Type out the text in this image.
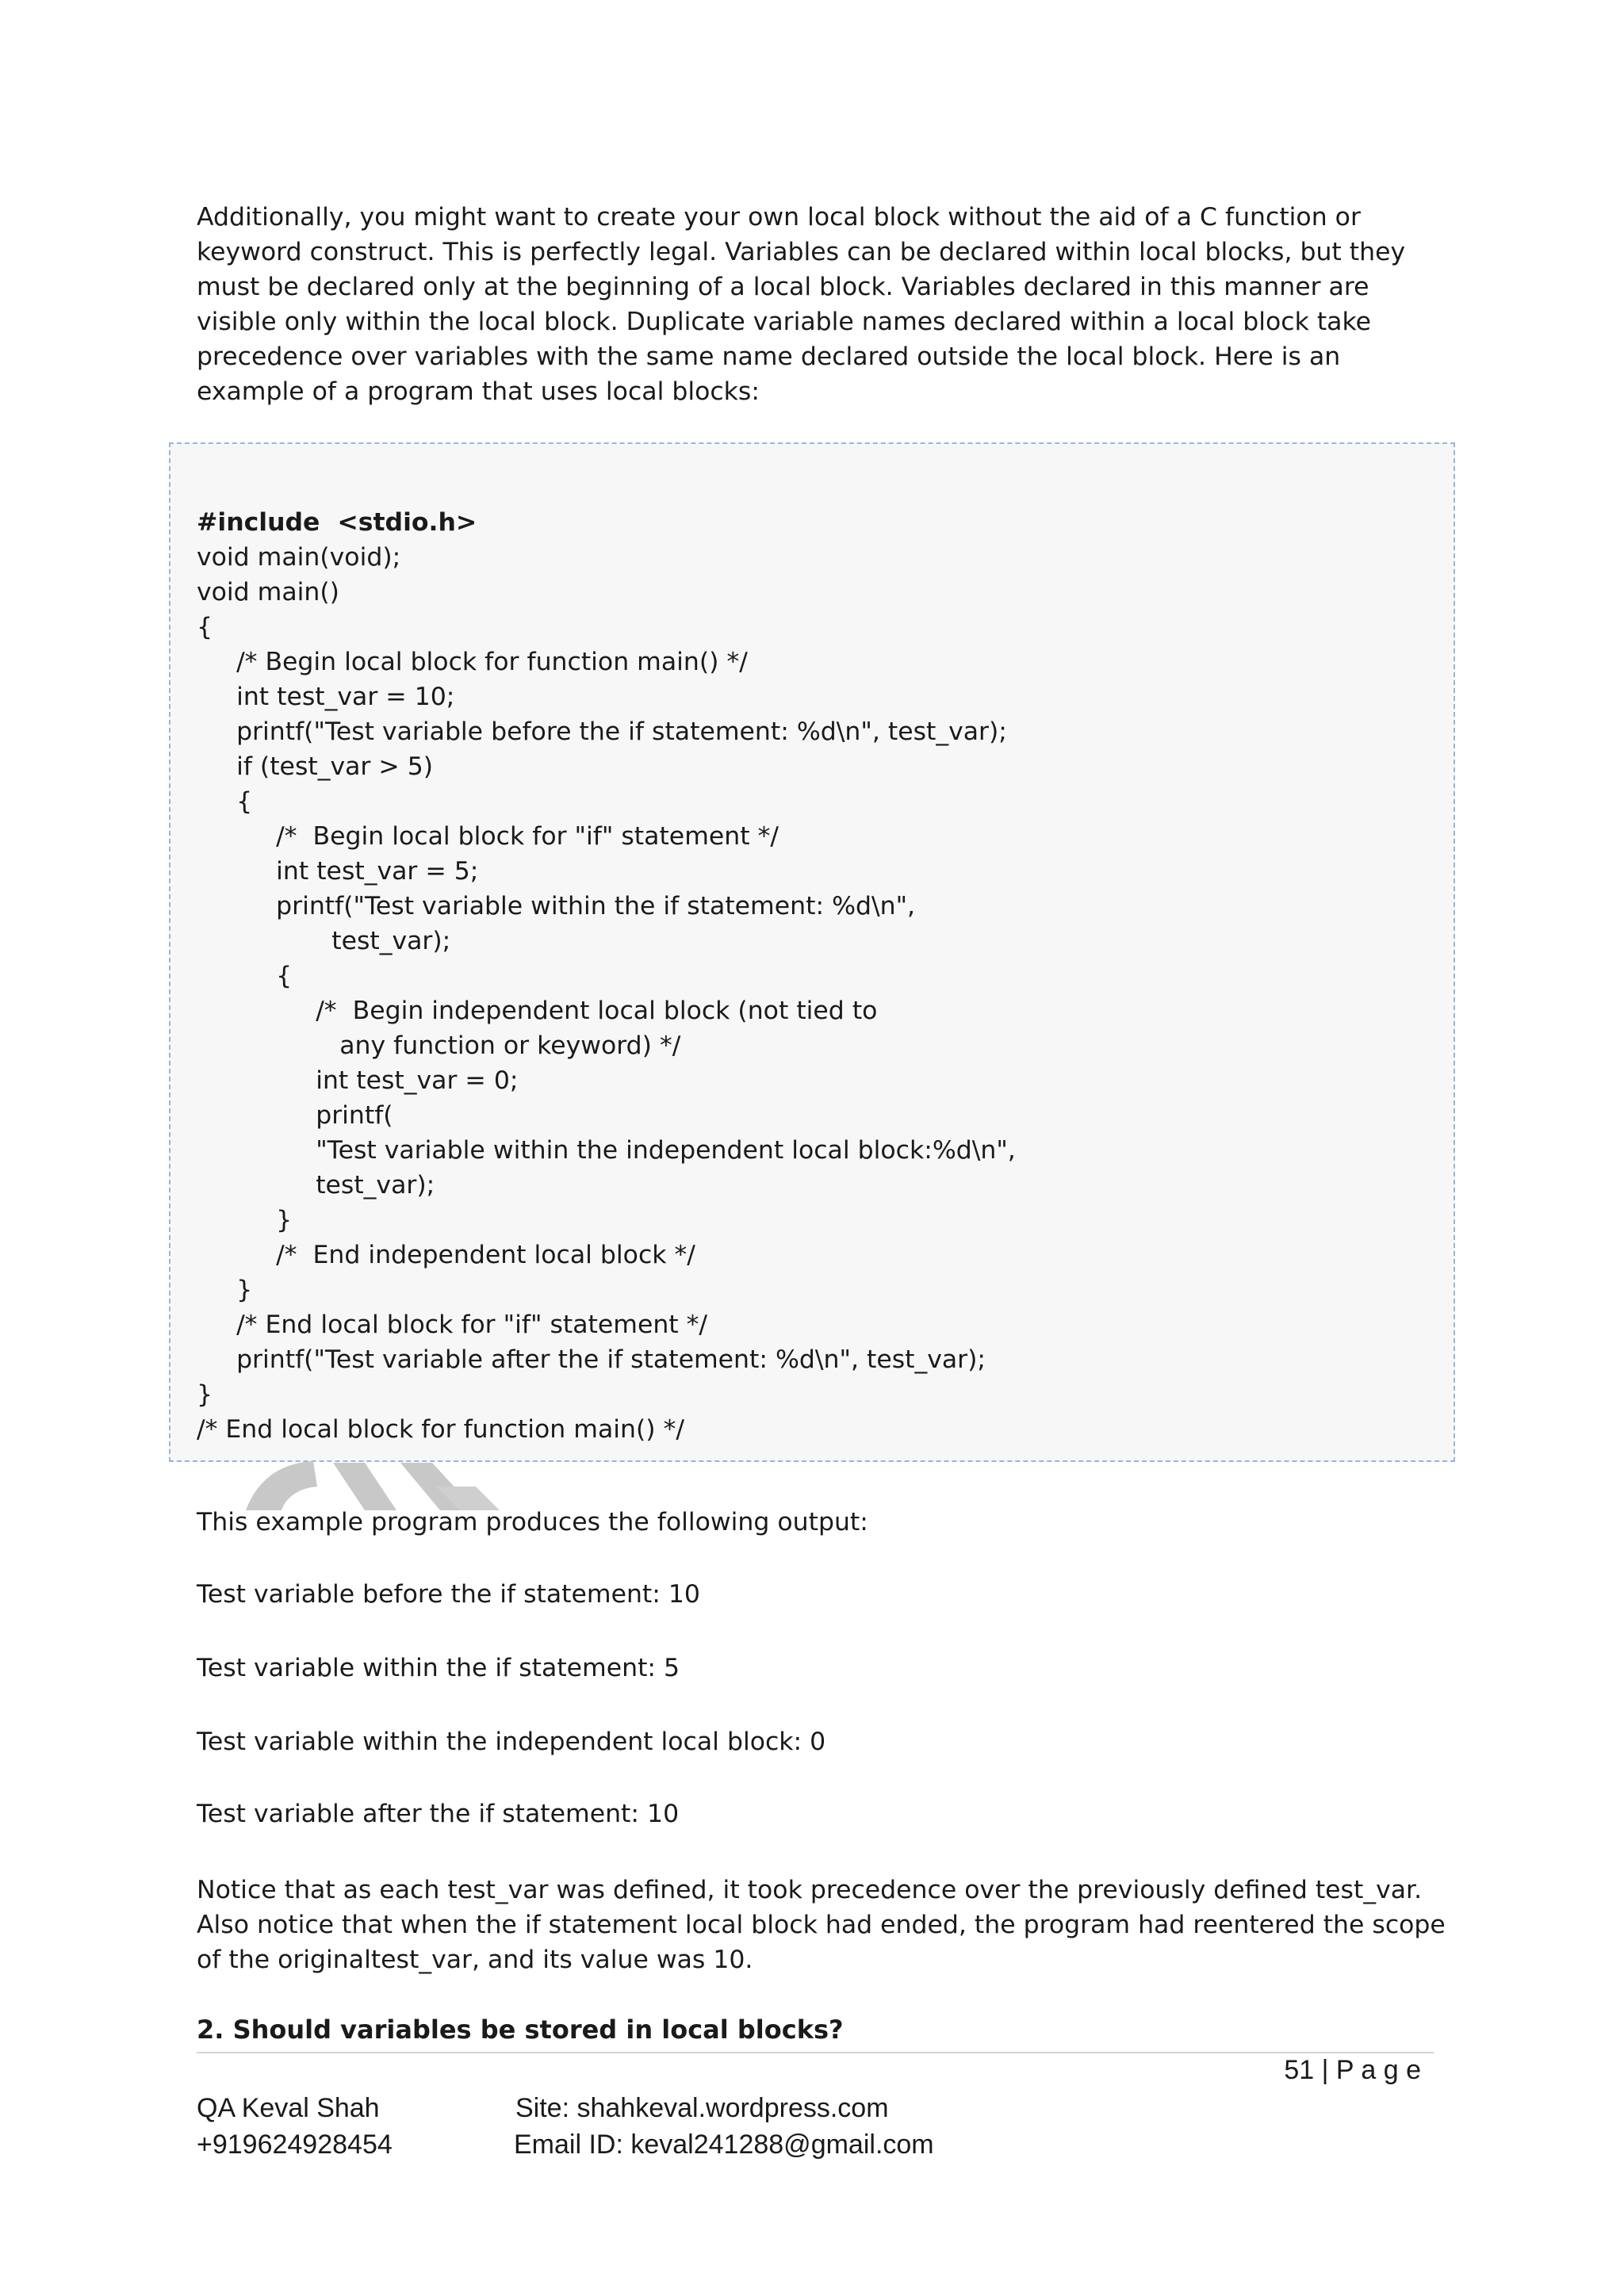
Additionally, you might want to create your own local block without the aid of a C function or
keyword construct. This is perfectly legal. Variables can be declared within local blocks, but they
must be declared only at the beginning of a local block. Variables declared in this manner are
visible only within the local block. Duplicate variable names declared within a local block take
precedence over variables with the same name declared outside the local block. Here is an
example of a program that uses local blocks:

#include  <stdio.h>
void main(void);
void main()
{
/* Begin local block for function main() */
int test_var = 10;
printf("Test variable before the if statement: %d\n", test_var);
if (test_var > 5)
{
/*  Begin local block for "if" statement */
int test_var = 5;
printf("Test variable within the if statement: %d\n",
test_var);
{
/*  Begin independent local block (not tied to
any function or keyword) */
int test_var = 0;
printf(
"Test variable within the independent local block:%d\n",
test_var);
}
/*  End independent local block */
}
/* End local block for "if" statement */
printf("Test variable after the if statement: %d\n", test_var);
}
/* End local block for function main() */

This example program produces the following output:

Test variable before the if statement: 10

Test variable within the if statement: 5

Test variable within the independent local block: 0

Test variable after the if statement: 10

Notice that as each test_var was defined, it took precedence over the previously defined test_var.
Also notice that when the if statement local block had ended, the program had reentered the scope
of the originaltest_var, and its value was 10.

2. Should variables be stored in local blocks?
51 | P a g e
QA Keval Shah
+919624928454
Site: shahkeval.wordpress.com
Email ID: keval241288@gmail.com
